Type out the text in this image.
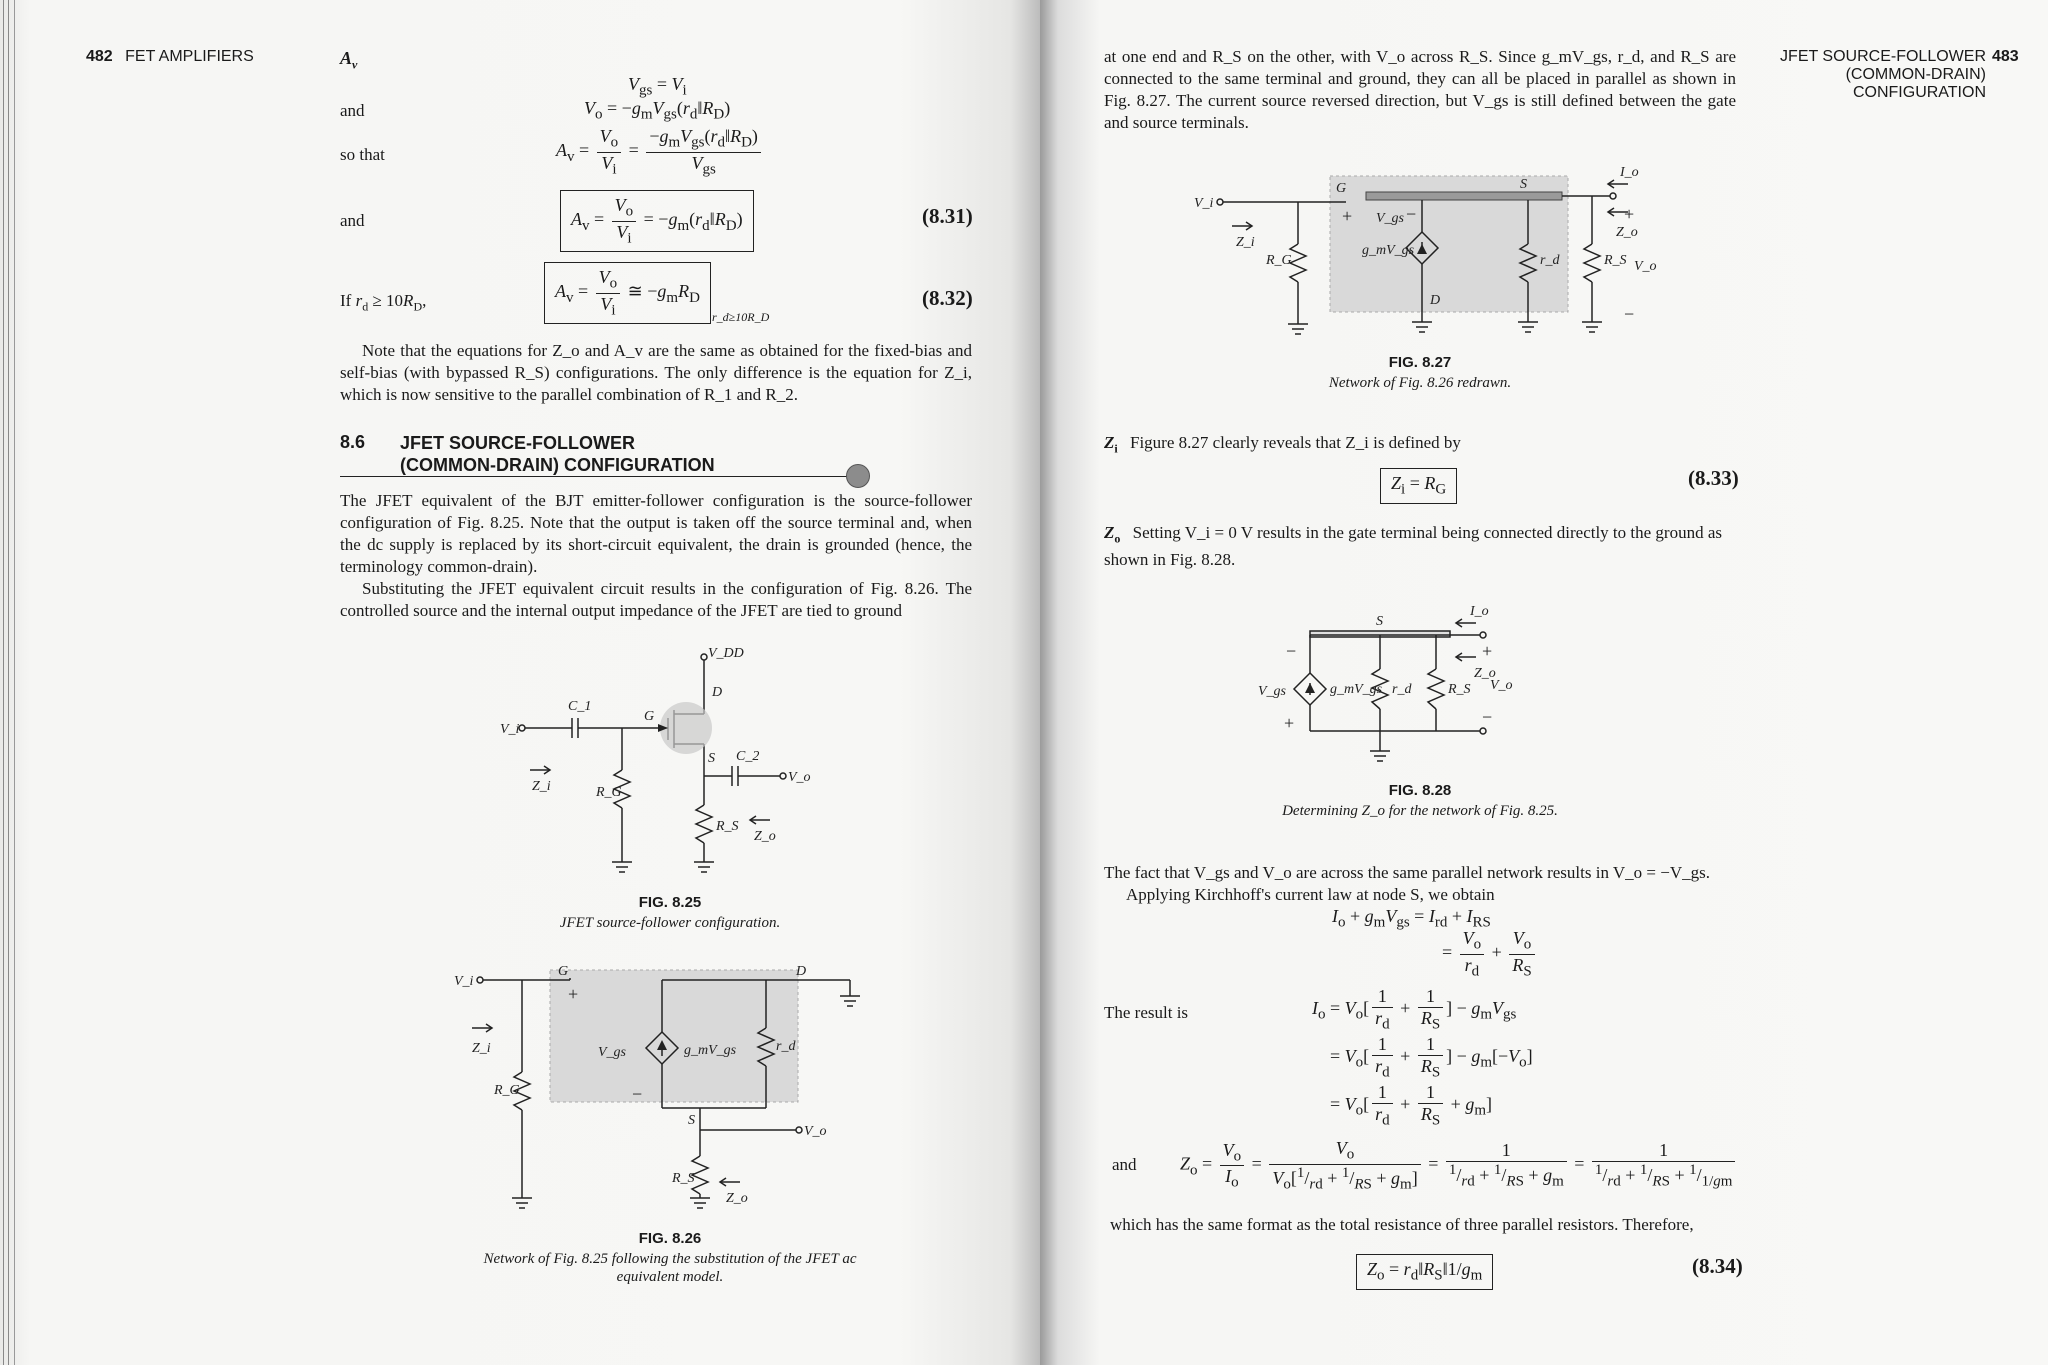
482 FET AMPLIFIERS	$A_v$
$V_{gs} = V_i$
and	$V_o$ = $-g_mV_{gs}(r_d‖R_D)$
so that	$A_v = \frac{V_o}{V_i} = \frac{-g_mV_{gs}(r_d‖R_D)}{V_{gs}}$
and	$A_v = \frac{V_o}{V_i}$ = $-g_m(r_d‖R_D)$	(8.31)
If $r_d \ge 10R_D$,	$A_v = \frac{V_o}{V_i}$ ≅ $-g_mR_D$
r_d≥10R_D
(8.32)
Note that the equations for Z_o and A_v are the same as obtained for the fixed-bias and self-bias (with bypassed R_S) configurations. The only difference is the equation for Z_i, which is now sensitive to the parallel combination of R_1 and R_2.
8.6 JFET SOURCE-FOLLOWER
(COMMON-DRAIN) CONFIGURATION
The JFET equivalent of the BJT emitter-follower configuration is the source-follower configuration of Fig. 8.25. Note that the output is taken off the source terminal and, when the dc supply is replaced by its short-circuit equivalent, the drain is grounded (hence, the terminology common-drain).
Substituting the JFET equivalent circuit results in the configuration of Fig. 8.26. The controlled source and the internal output impedance of the JFET are tied to ground
V_DD
D
G
S
C_1
C_2
V_i
V_o
Z_i
Z_o
R_G
R_S
FIG. 8.25
JFET source-follower configuration.
V_i
G	D
S
Z_i
Z_o
R_G
R_S
r_d
V_gs	g_mV_gs
V_o
+
−
FIG. 8.26
Network of Fig. 8.25 following the substitution of the JFET ac
equivalent model.
JFET SOURCE-FOLLOWER
(COMMON-DRAIN)
CONFIGURATION
483
at one end and R_S on the other, with V_o across R_S. Since g_mV_gs, r_d, and R_S are connected to the same terminal and ground, they can all be placed in parallel as shown in Fig. 8.27. The current source reversed direction, but V_gs is still defined between the gate and source terminals.
V_i
G	S
D
Z_i
Z_o
I_o
R_G	R_S
r_d
V_gs
g_mV_gs
V_o
+	−	+
−
FIG. 8.27
Network of Fig. 8.26 redrawn.
$Z_i$ Figure 8.27 clearly reveals that Z_i is defined by
$Z_i = R_G$	(8.33)
$Z_o$ Setting V_i = 0 V results in the gate terminal being connected directly to the ground as shown in Fig. 8.28.
S
I_o
Z_o
V_gs	g_mV_gs r_d	R_S V_o
−
+
+
−
FIG. 8.28
Determining Z_o for the network of Fig. 8.25.
The fact that V_gs and V_o are across the same parallel network results in V_o = −V_gs.
Applying Kirchhoff's current law at node S, we obtain
$I_o + g_mV_{gs} = I_{rd} + I_{RS}$
= $\frac{V_o}{r_d} + \frac{V_o}{R_S}$
The result is	$I_o = V_o[ \frac{1}{r_d} + \frac{1}{R_S}$ ] − $g_mV_{gs}$
= $V_o[ \frac{1}{r_d} + \frac{1}{R_S}$ ] − $g_m[-V_o]$
= $V_o[ \frac{1}{r_d} + \frac{1}{R_S} + g_m]$
and $Z_o = \frac{V_o}{I_o} = \frac{V_o}{V_o[^1/_{rd} + ^1/_{RS} + g_m]} = \frac{1}{^1/_{rd} + ^1/_{RS} + g_m} = \frac{1}{^1/_{rd} + ^1/_{RS} + ^1/_{1/gm}}$
which has the same format as the total resistance of three parallel resistors. Therefore,
$Z_o$ = $r_d‖R_S‖1/g_m$	(8.34)
